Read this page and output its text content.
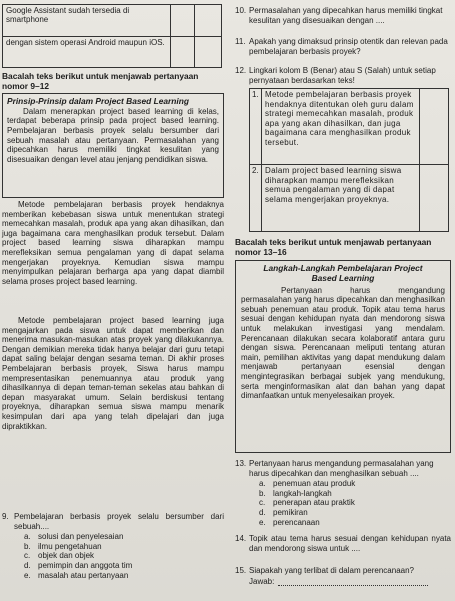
Google Assistant sudah tersedia di smartphone
dengan sistem operasi Android maupun iOS.
Bacalah teks berikut untuk menjawab pertanyaan nomor 9–12
Prinsip-Prinsip dalam Project Based Learning
Dalam menerapkan project based learning di kelas, terdapat beberapa prinsip pada project based learning. Pembelajaran berbasis proyek selalu bersumber dari sebuah masalah atau pertanyaan. Permasalahan yang dipecahkan harus memiliki tingkat kesulitan yang disesuaikan dengan level atau jenjang pendidikan siswa.
Metode pembelajaran berbasis proyek hendaknya memberikan kebebasan siswa untuk menentukan strategi memecahkan masalah, produk apa yang akan dihasilkan, dan juga bagaimana cara menghasilkan produk tersebut. Dalam project based learning siswa diharapkan mampu merefleksikan semua pengalaman yang di dapat selama mengerjakan proyeknya. Kemudian siswa mampu menyimpulkan pelajaran berharga apa yang dapat diambil selama proses project based learning.
Metode pembelajaran project based learning juga mengajarkan pada siswa untuk dapat memberikan dan menerima masukan-masukan atas proyek yang dilakukannya. Dengan demikian mereka tidak hanya belajar dari guru tetapi dapat saling belajar dengan sesama teman. Di akhir proses Pembelajaran berbasis proyek, Siswa harus mampu mempresentasikan penemuannya atau produk yang dihasilkannya di depan teman-teman sekelas atau bahkan di depan masyarakat umum. Selain berdiskusi tentang proyeknya, diharapkan semua siswa mampu menarik kesimpulan dari apa yang telah dipelajari dan juga dipraktikkan.
9. Pembelajaran berbasis proyek selalu bersumber dari sebuah....
a. solusi dan penyelesaian
b. ilmu pengetahuan
c. objek dan objek
d. pemimpin dan anggota tim
e. masalah atau pertanyaan
10. Permasalahan yang dipecahkan harus memiliki tingkat kesulitan yang disesuaikan dengan ....
11. Apakah yang dimaksud prinsip otentik dan relevan pada pembelajaran berbasis proyek?
12. Lingkari kolom B (Benar) atau S (Salah) untuk setiap pernyataan berdasarkan teks!
1. Metode pembelajaran berbasis proyek hendaknya ditentukan oleh guru dalam strategi memecahkan masalah, produk apa yang akan dihasilkan, dan juga bagaimana cara menghasilkan produk tersebut.
2. Dalam project based learning siswa diharapkan mampu merefleksikan semua pengalaman yang di dapat selama mengerjakan proyeknya.
Bacalah teks berikut untuk menjawab pertanyaan nomor 13–16
Langkah-Langkah Pembelajaran Project
Based Learning
Pertanyaan harus mengandung permasalahan yang harus dipecahkan dan menghasilkan sebuah penemuan atau produk. Topik atau tema harus sesuai dengan kehidupan nyata dan mendorong siswa untuk melakukan investigasi yang mendalam. Perencanaan dilakukan secara kolaboratif antara guru dengan siswa. Perencanaan meliputi tentang aturan main, pemilihan aktivitas yang dapat mendukung dalam menjawab pertanyaan esensial dengan mengintegrasikan berbagai subjek yang mendukung, serta menginformasikan alat dan bahan yang dapat dimanfaatkan untuk menyelesaikan proyek.
13. Pertanyaan harus mengandung permasalahan yang harus dipecahkan dan menghasilkan sebuah ....
a. penemuan atau produk
b. langkah-langkah
c. penerapan atau praktik
d. pemikiran
e. perencanaan
14. Topik atau tema harus sesuai dengan kehidupan nyata dan mendorong siswa untuk ....
15. Siapakah yang terlibat di dalam perencanaan?
Jawab:
